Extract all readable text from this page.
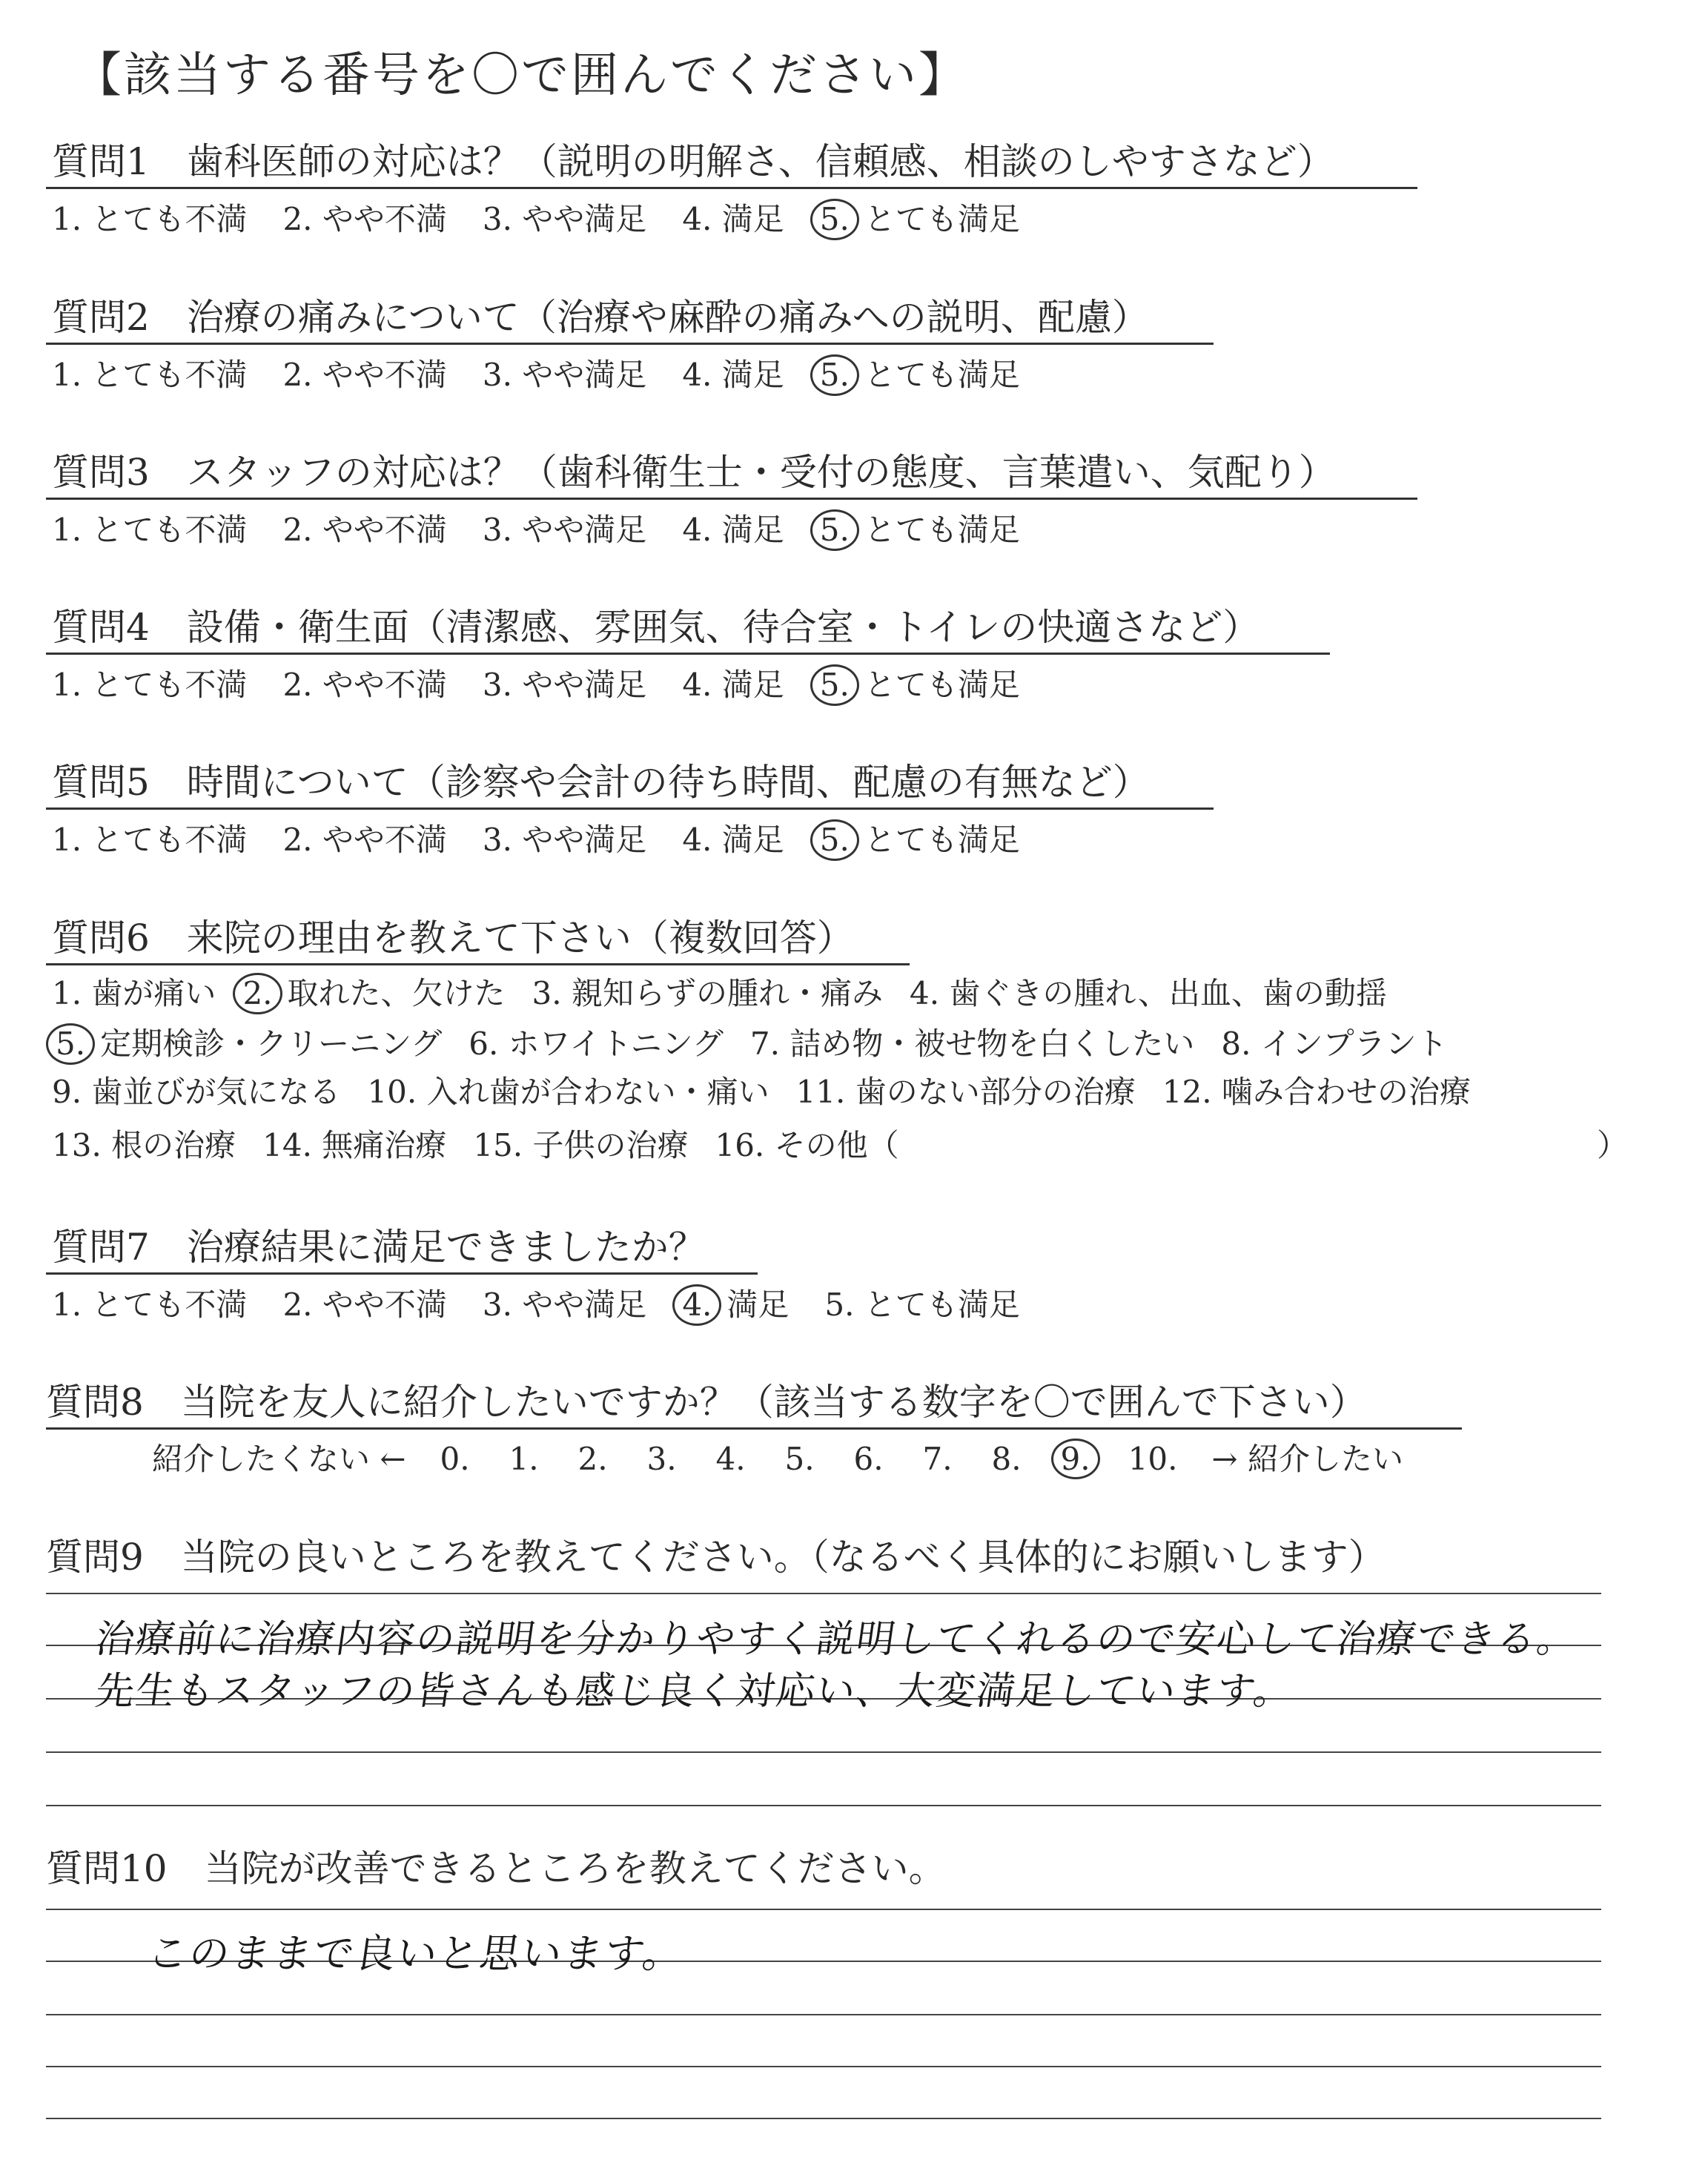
【該当する番号を〇で囲んでください】
質問1　歯科医師の対応は？（説明の明解さ、信頼感、相談のしやすさなど）
1. とても不満 2. やや不満 3. やや満足 4. 満足 5. とても満足
質問2　治療の痛みについて（治療や麻酔の痛みへの説明、配慮）
1. とても不満 2. やや不満 3. やや満足 4. 満足 5. とても満足
質問3　スタッフの対応は？（歯科衛生士・受付の態度、言葉遣い、気配り）
1. とても不満 2. やや不満 3. やや満足 4. 満足 5. とても満足
質問4　設備・衛生面（清潔感、雰囲気、待合室・トイレの快適さなど）
1. とても不満 2. やや不満 3. やや満足 4. 満足 5. とても満足
質問5　時間について（診察や会計の待ち時間、配慮の有無など）
1. とても不満 2. やや不満 3. やや満足 4. 満足 5. とても満足
質問6　来院の理由を教えて下さい（複数回答）
1. 歯が痛い 2. 取れた、欠けた 3. 親知らずの腫れ・痛み 4. 歯ぐきの腫れ、出血、歯の動揺
5. 定期検診・クリーニング 6. ホワイトニング 7. 詰め物・被せ物を白くしたい 8. インプラント
9. 歯並びが気になる 10. 入れ歯が合わない・痛い 11. 歯のない部分の治療 12. 噛み合わせの治療
13. 根の治療 14. 無痛治療 15. 子供の治療 16. その他（	）
質問7　治療結果に満足できましたか？
1. とても不満 2. やや不満 3. やや満足 4. 満足 5. とても満足
質問8　当院を友人に紹介したいですか？（該当する数字を〇で囲んで下さい）
紹介したくない ← 0. 1. 2. 3. 4. 5. 6. 7. 8. 9. 10. → 紹介したい
質問9　当院の良いところを教えてください。（なるべく具体的にお願いします）
治療前に治療内容の説明を分かりやすく説明してくれるので安心して治療できる。
先生もスタッフの皆さんも感じ良く対応い、大変満足しています。
質問10　当院が改善できるところを教えてください。
このままで良いと思います。
